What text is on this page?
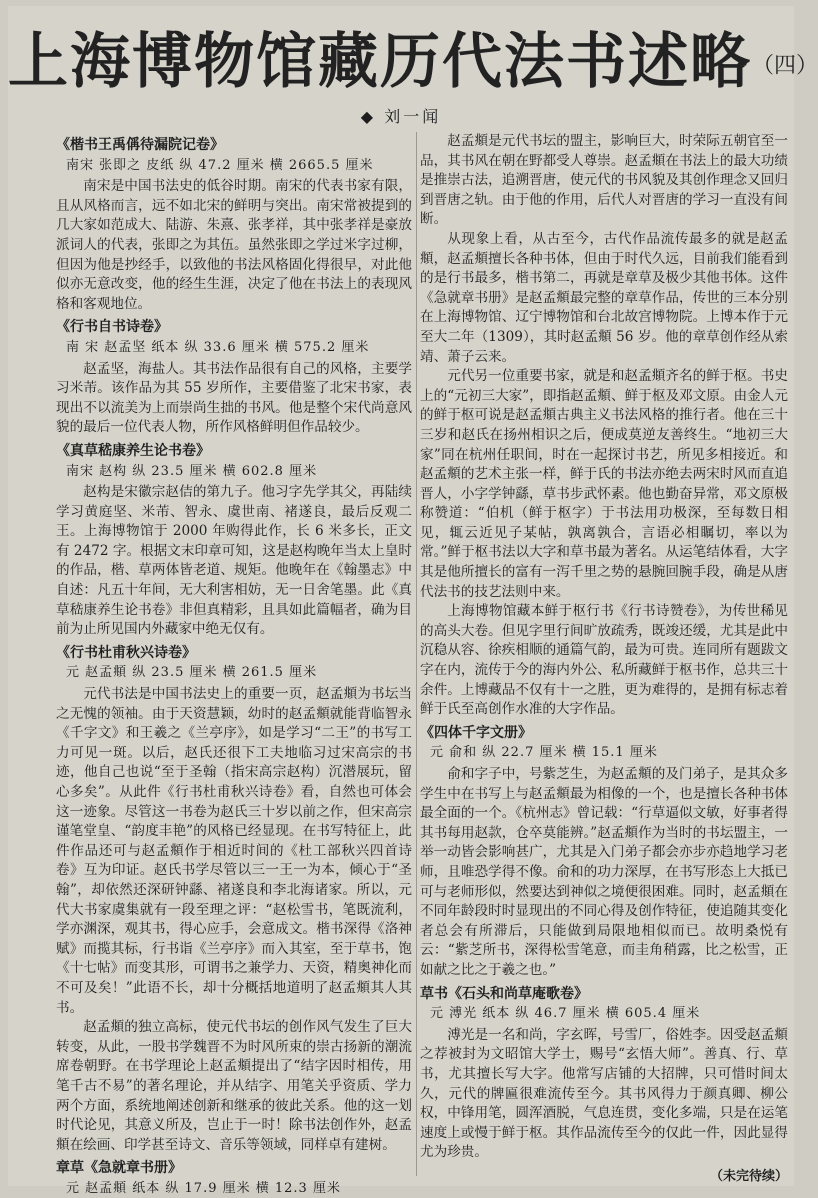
上海博物馆藏历代法书述略（四）
◆ 刘一闻

《楷书王禹偁待漏院记卷》

南宋 张即之 皮纸 纵 47.2 厘米 横 2665.5 厘米

南宋是中国书法史的低谷时期。南宋的代表书家有限，且从风格而言，远不如北宋的鲜明与突出。南宋常被提到的几大家如范成大、陆游、朱熹、张孝祥，其中张孝祥是豪放派词人的代表，张即之为其伍。虽然张即之学过米字过柳，但因为他是抄经手，以致他的书法风格固化得很早，对此他似亦无意改变，他的经生生涯，决定了他在书法上的表现风格和客观地位。

《行书自书诗卷》

南 宋 赵孟坚 纸本 纵 33.6 厘米 横 575.2 厘米

赵孟坚，海盐人。其书法作品很有自己的风格，主要学习米芾。该作品为其 55 岁所作，主要借鉴了北宋书家，表现出不以流美为上而崇尚生拙的书风。他是整个宋代尚意风貌的最后一位代表人物，所作风格鲜明但作品较少。

《真草嵇康养生论书卷》

南宋 赵构 纵 23.5 厘米 横 602.8 厘米

赵构是宋徽宗赵佶的第九子。他习字先学其父，再陆续学习黄庭坚、米芾、智永、虞世南、褚遂良，最后反观二王。上海博物馆于 2000 年购得此作，长 6 米多长，正文有 2472 字。根据文末印章可知，这是赵构晚年当太上皇时的作品，楷、草两体皆老道、规矩。他晚年在《翰墨志》中自述：凡五十年间，无大利害相妨，无一日舍笔墨。此《真草嵇康养生论书卷》非但真精彩，且具如此篇幅者，确为目前为止所见国内外藏家中绝无仅有。

《行书杜甫秋兴诗卷》

元 赵孟頫 纵 23.5 厘米 横 261.5 厘米

元代书法是中国书法史上的重要一页，赵孟頫为书坛当之无愧的领袖。由于天资慧颖，幼时的赵孟頫就能背临智永《千字文》和王羲之《兰亭序》，如是学习“二王”的书写工力可见一斑。以后，赵氏还很下工夫地临习过宋高宗的书迹，他自己也说“至于圣翰（指宋高宗赵构）沉潜展玩，留心多矣”。从此件《行书杜甫秋兴诗卷》看，自然也可体会这一迹象。尽管这一书卷为赵氏三十岁以前之作，但宋高宗谨笔堂皇、“韵度丰艳”的风格已经显现。在书写特征上，此件作品还可与赵孟頫作于相近时间的《杜工部秋兴四首诗卷》互为印证。赵氏书学尽管以三一王一为本，倾心于“圣翰”，却依然还深研钟繇、褚遂良和李北海诸家。所以，元代大书家虞集就有一段至理之评：“赵松雪书，笔既流利，学亦渊深，观其书，得心应手，会意成文。楷书深得《洛神赋》而揽其标，行书诣《兰亭序》而入其室，至于草书，饱《十七帖》而变其形，可谓书之兼学力、天资，精奥神化而不可及矣！”此语不长，却十分概括地道明了赵孟頫其人其书。

赵孟頫的独立高标，使元代书坛的创作风气发生了巨大转变，从此，一股书学魏晋不为时风所束的崇古扬新的潮流席卷朝野。在书学理论上赵孟頫提出了“结字因时相传，用笔千古不易”的著名理论，并从结字、用笔关乎资质、学力两个方面，系统地阐述创新和继承的彼此关系。他的这一划时代论见，其意义所及，岂止于一时！除书法创作外，赵孟頫在绘画、印学甚至诗文、音乐等领域，同样卓有建树。

章草《急就章书册》

元 赵孟頫 纸本 纵 17.9 厘米 横 12.3 厘米

赵孟頫是元代书坛的盟主，影响巨大，时荣际五朝官至一品，其书风在朝在野都受人尊崇。赵孟頫在书法上的最大功绩是推崇古法，追溯晋唐，使元代的书风貌及其创作理念又回归到晋唐之轨。由于他的作用，后代人对晋唐的学习一直没有间断。

从现象上看，从古至今，古代作品流传最多的就是赵孟頫，赵孟頫擅长各种书体，但由于时代久远，目前我们能看到的是行书最多，楷书第二，再就是章草及极少其他书体。这件《急就章书册》是赵孟頫最完整的章草作品，传世的三本分别在上海博物馆、辽宁博物馆和台北故宫博物院。上博本作于元至大二年（1309），其时赵孟頫 56 岁。他的章草创作经从索靖、萧子云来。

元代另一位重要书家，就是和赵孟頫齐名的鲜于枢。书史上的“元初三大家”，即指赵孟頫、鲜于枢及邓文原。由金人元的鲜于枢可说是赵孟頫古典主义书法风格的推行者。他在三十三岁和赵氏在扬州相识之后，便成莫逆友善终生。“地初三大家”同在杭州任职间，时在一起探讨书艺，所见多相接近。和赵孟頫的艺术主张一样，鲜于氏的书法亦绝去两宋时风而直追晋人，小字学钟繇，草书步武怀素。他也勤奋异常，邓文原极称赞道：“伯机（鲜于枢字）于书法用功极深，至每数日相见，辄云近见子某帖，孰离孰合，言语必相瞩切，率以为常。”鲜于枢书法以大字和草书最为著名。从运笔结体看，大字其是他所擅长的富有一泻千里之势的悬腕回腕手段，确是从唐代法书的技艺法则中来。

上海博物馆藏本鲜于枢行书《行书诗赞卷》，为传世稀见的高头大卷。但见字里行间旷放疏秀，既竣还缓，尤其是此中沉稳从容、徐疾相顺的通篇气韵，最为可贵。连同所有题跋文字在内，流传于今的海内外公、私所藏鲜于枢书作，总共三十余件。上博藏品不仅有十一之胜，更为难得的，是拥有标志着鲜于氏至高创作水准的大字作品。

《四体千字文册》

元 俞和 纵 22.7 厘米 横 15.1 厘米

俞和字子中，号紫芝生，为赵孟頫的及门弟子，是其众多学生中在书写上与赵孟頫最为相像的一个，也是擅长各种书体最全面的一个。《杭州志》曾记载：“行草逼似文敏，好事者得其书每用赵款，仓卒莫能辨。”赵孟頫作为当时的书坛盟主，一举一动皆会影响甚广，尤其是入门弟子都会亦步亦趋地学习老师，且唯恐学得不像。俞和的功力深厚，在书写形态上大抵已可与老师形似，然要达到神似之境便很困难。同时，赵孟頫在不同年龄段时时显现出的不同心得及创作特征，使追随其变化者总会有所滞后，只能做到局限地相似而已。故明桑悦有云：“紫芝所书，深得松雪笔意，而圭角稍露，比之松雪，正如献之比之于羲之也。”

草书《石头和尚草庵歌卷》

元 溥光 纸本 纵 46.7 厘米 横 605.4 厘米

溥光是一名和尚，字玄晖，号雪厂，俗姓李。因受赵孟頫之荐被封为文昭馆大学士，赐号“玄悟大师”。善真、行、草书，尤其擅长写大字。他常写店铺的大招牌，只可惜时间太久，元代的牌匾很难流传至今。其书风得力于颜真卿、柳公权，中锋用笔，圆浑酒脱，气息连贯，变化多端，只是在运笔速度上或慢于鲜于枢。其作品流传至今的仅此一件，因此显得尤为珍贵。

（未完待续）
